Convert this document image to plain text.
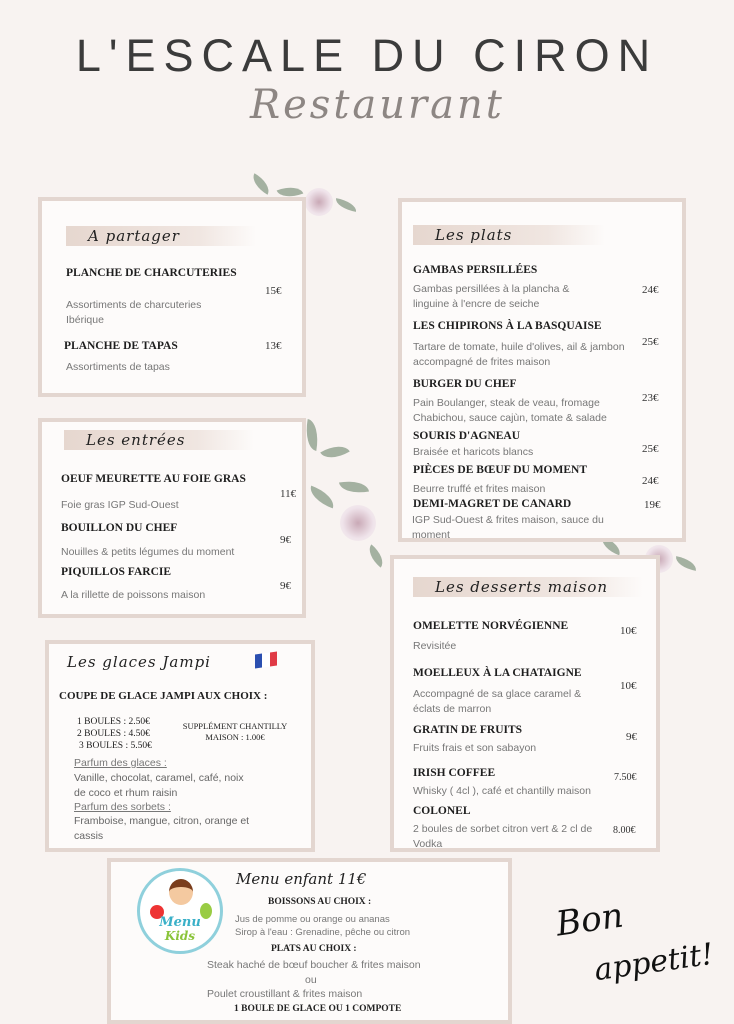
L'ESCALE DU CIRON
Restaurant
A partager
PLANCHE DE CHARCUTERIES
15€
Assortiments de charcuteries Ibérique
PLANCHE DE TAPAS	13€
Assortiments de tapas
Les entrées
OEUF MEURETTE AU FOIE GRAS
11€
Foie gras IGP Sud-Ouest
BOUILLON DU CHEF
9€
Nouilles & petits légumes du moment
PIQUILLOS FARCIE
9€
A la rillette de poissons maison
Les glaces Jampi
COUPE DE GLACE JAMPI AUX CHOIX :
1 BOULES : 2.50€
2 BOULES : 4.50€
3 BOULES : 5.50€
SUPPLÉMENT CHANTILLY MAISON : 1.00€
Parfum des glaces :
Vanille, chocolat, caramel, café, noix de coco et rhum raisin
Parfum des sorbets :
Framboise, mangue, citron, orange et cassis
Les plats
GAMBAS PERSILLÉES
24€
Gambas persillées à la plancha & linguine à l'encre de seiche
LES CHIPIRONS À LA BASQUAISE
25€
Tartare de tomate, huile d'olives, ail & jambon accompagné de frites maison
BURGER DU CHEF
23€
Pain Boulanger, steak de veau, fromage Chabichou, sauce cajùn, tomate & salade
SOURIS D'AGNEAU
25€
Braisée et haricots blancs
PIÈCES DE BŒUF DU MOMENT
24€
Beurre truffé et frites maison
DEMI-MAGRET DE CANARD	19€
IGP Sud-Ouest & frites maison, sauce du moment
Les desserts maison
OMELETTE NORVÉGIENNE	10€
Revisitée
MOELLEUX À LA CHATAIGNE
10€
Accompagné de sa glace caramel & éclats de marron
GRATIN DE FRUITS
9€
Fruits frais et son sabayon
IRISH COFFEE	7.50€
Whisky ( 4cl ), café et chantilly maison
COLONEL
8.00€
2 boules de sorbet citron vert & 2 cl de Vodka
Menu
Kids
Menu enfant 11€
BOISSONS AU CHOIX :
Jus de pomme ou orange ou ananas
Sirop à l'eau : Grenadine, pêche ou citron
PLATS AU CHOIX :
Steak haché de bœuf boucher & frites maison
ou
Poulet croustillant & frites maison
1 BOULE DE GLACE OU 1 COMPOTE
Bon
appetit!
